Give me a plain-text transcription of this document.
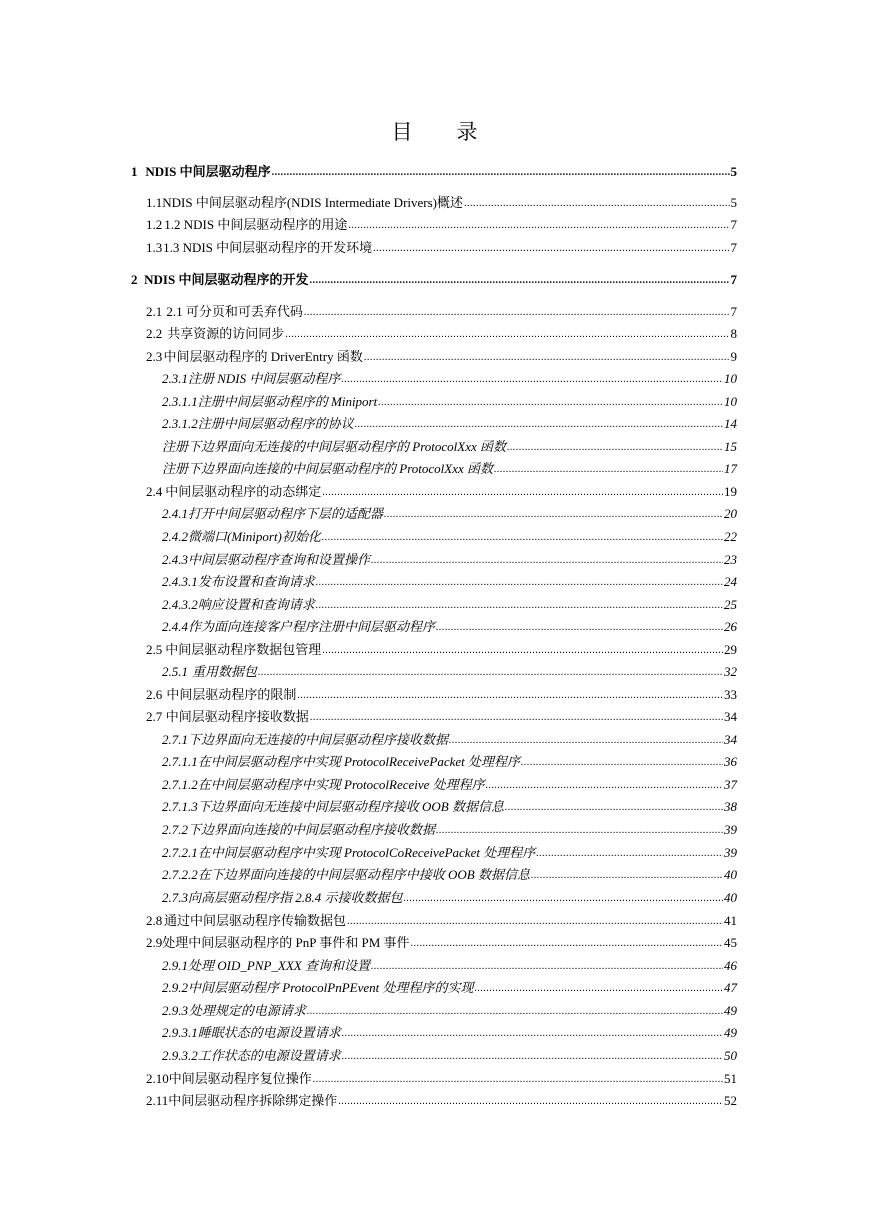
目 录
1 NDIS 中间层驱动程序 .....	5
1.1 NDIS 中间层驱动程序(NDIS Intermediate Drivers)概述 .....	5
1.2 1.2 NDIS 中间层驱动程序的用途 .....	7
1.3 1.3 NDIS 中间层驱动程序的开发环境 .....	7
2 NDIS 中间层驱动程序的开发 .....	7
2.1 2.1 可分页和可丢弃代码 .....	7
2.2 共享资源的访问同步 .....	8
2.3 中间层驱动程序的 DriverEntry 函数 .....	9
2.3.1 注册 NDIS 中间层驱动程序 .....	10
2.3.1.1 注册中间层驱动程序的 Miniport .....	10
2.3.1.2 注册中间层驱动程序的协议 .....	14
注册下边界面向无连接的中间层驱动程序的 ProtocolXxx 函数 .....	15
注册下边界面向连接的中间层驱动程序的 ProtocolXxx 函数 .....	17
2.4 中间层驱动程序的动态绑定 .....	19
2.4.1 打开中间层驱动程序下层的适配器 .....	20
2.4.2 微端口(Miniport)初始化 .....	22
2.4.3 中间层驱动程序查询和设置操作 .....	23
2.4.3.1 发布设置和查询请求 .....	24
2.4.3.2 响应设置和查询请求 .....	25
2.4.4 作为面向连接客户程序注册中间层驱动程序 .....	26
2.5 中间层驱动程序数据包管理 .....	29
2.5.1 重用数据包 .....	32
2.6 中间层驱动程序的限制 .....	33
2.7 中间层驱动程序接收数据 .....	34
2.7.1 下边界面向无连接的中间层驱动程序接收数据 .....	34
2.7.1.1 在中间层驱动程序中实现 ProtocolReceivePacket 处理程序 .....	36
2.7.1.2 在中间层驱动程序中实现 ProtocolReceive 处理程序 .....	37
2.7.1.3 下边界面向无连接中间层驱动程序接收 OOB 数据信息 .....	38
2.7.2 下边界面向连接的中间层驱动程序接收数据 .....	39
2.7.2.1 在中间层驱动程序中实现 ProtocolCoReceivePacket 处理程序 .....	39
2.7.2.2 在下边界面向连接的中间层驱动程序中接收 OOB 数据信息 .....	40
2.7.3 向高层驱动程序指 2.8.4 示接收数据包 .....	40
2.8 通过中间层驱动程序传输数据包 .....	41
2.9 处理中间层驱动程序的 PnP 事件和 PM 事件 .....	45
2.9.1 处理 OID_PNP_XXX 查询和设置 .....	46
2.9.2 中间层驱动程序 ProtocolPnPEvent 处理程序的实现 .....	47
2.9.3 处理规定的电源请求 .....	49
2.9.3.1 睡眠状态的电源设置请求 .....	49
2.9.3.2 工作状态的电源设置请求 .....	50
2.10 中间层驱动程序复位操作 .....	51
2.11 中间层驱动程序拆除绑定操作 .....	52
